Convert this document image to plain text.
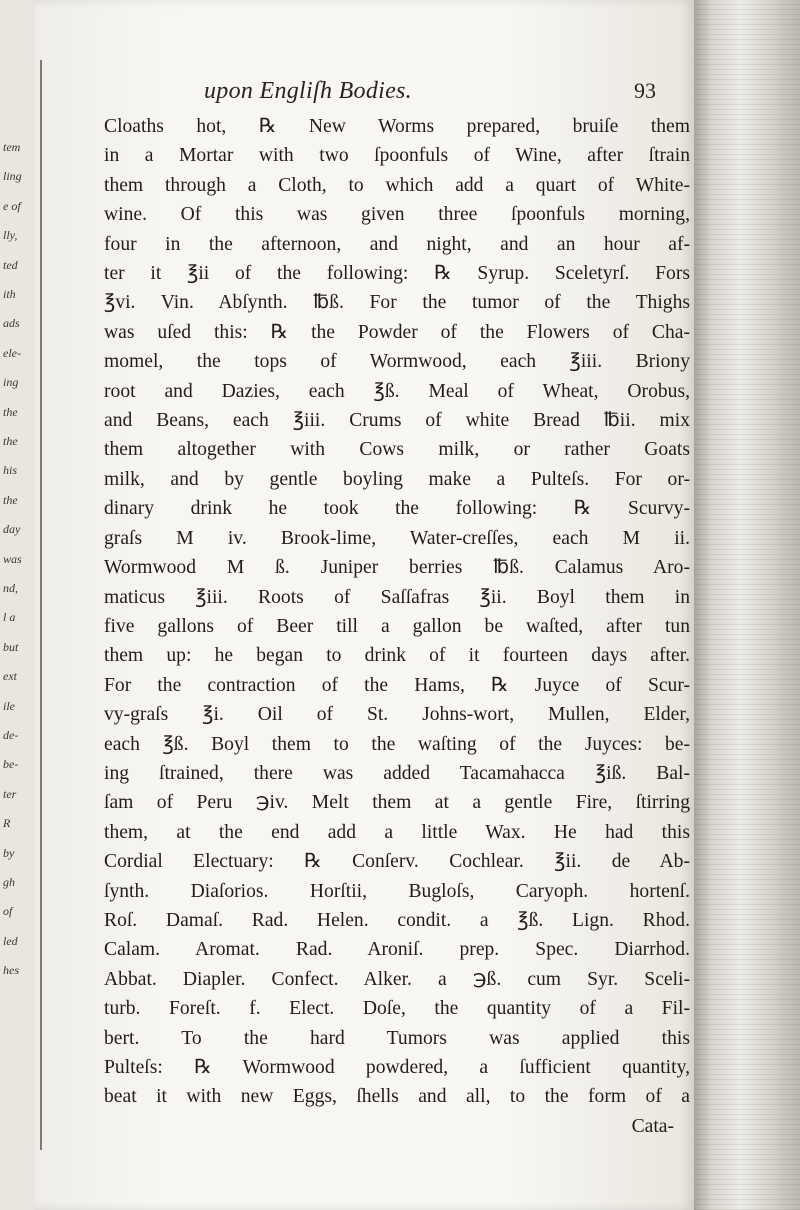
tem
ling
e of
lly,
ted
ith
ads
ele-
ing
the
the
his
the
day
was
nd,
l a
but
ext
ile
de-
be-
ter
R
by
gh
of
led
hes
upon Engliſh Bodies.	93
Cloaths hot, ℞ New Worms prepared, bruiſe them
in a Mortar with two ſpoonfuls of Wine, after ſtrain
them through a Cloth, to which add a quart of White-
wine. Of this was given three ſpoonfuls morning,
four in the afternoon, and night, and an hour af-
ter it ℥ii of the following: ℞ Syrup. Sceletyrſ. Fors
℥vi. Vin. Abſynth. ℔ß. For the tumor of the Thighs
was uſed this: ℞ the Powder of the Flowers of Cha-
momel, the tops of Wormwood, each ℥iii. Briony
root and Dazies, each ℥ß. Meal of Wheat, Orobus,
and Beans, each ℥iii. Crums of white Bread ℔ii. mix
them altogether with Cows milk, or rather Goats
milk, and by gentle boyling make a Pulteſs. For or-
dinary drink he took the following: ℞ Scurvy-
graſs M iv. Brook-lime, Water-creſſes, each M ii.
Wormwood M ß. Juniper berries ℔ß. Calamus Aro-
maticus ℥iii. Roots of Saſſafras ℥ii. Boyl them in
five gallons of Beer till a gallon be waſted, after tun
them up: he began to drink of it fourteen days after.
For the contraction of the Hams, ℞ Juyce of Scur-
vy-graſs ℥i. Oil of St. Johns-wort, Mullen, Elder,
each ℥ß. Boyl them to the waſting of the Juyces: be-
ing ſtrained, there was added Tacamahacca ℥iß. Bal-
ſam of Peru ℈iv. Melt them at a gentle Fire, ſtirring
them, at the end add a little Wax. He had this
Cordial Electuary: ℞ Conſerv. Cochlear. ℥ii. de Ab-
ſynth. Diaſorios. Horſtii, Bugloſs, Caryoph. hortenſ.
Roſ. Damaſ. Rad. Helen. condit. a ℥ß. Lign. Rhod.
Calam. Aromat. Rad. Aroniſ. prep. Spec. Diarrhod.
Abbat. Diapler. Confect. Alker. a ℈ß. cum Syr. Sceli-
turb. Foreſt. f. Elect. Doſe, the quantity of a Fil-
bert. To the hard Tumors was applied this
Pulteſs: ℞ Wormwood powdered, a ſufficient quantity,
beat it with new Eggs, ſhells and all, to the form of a
Cata-
